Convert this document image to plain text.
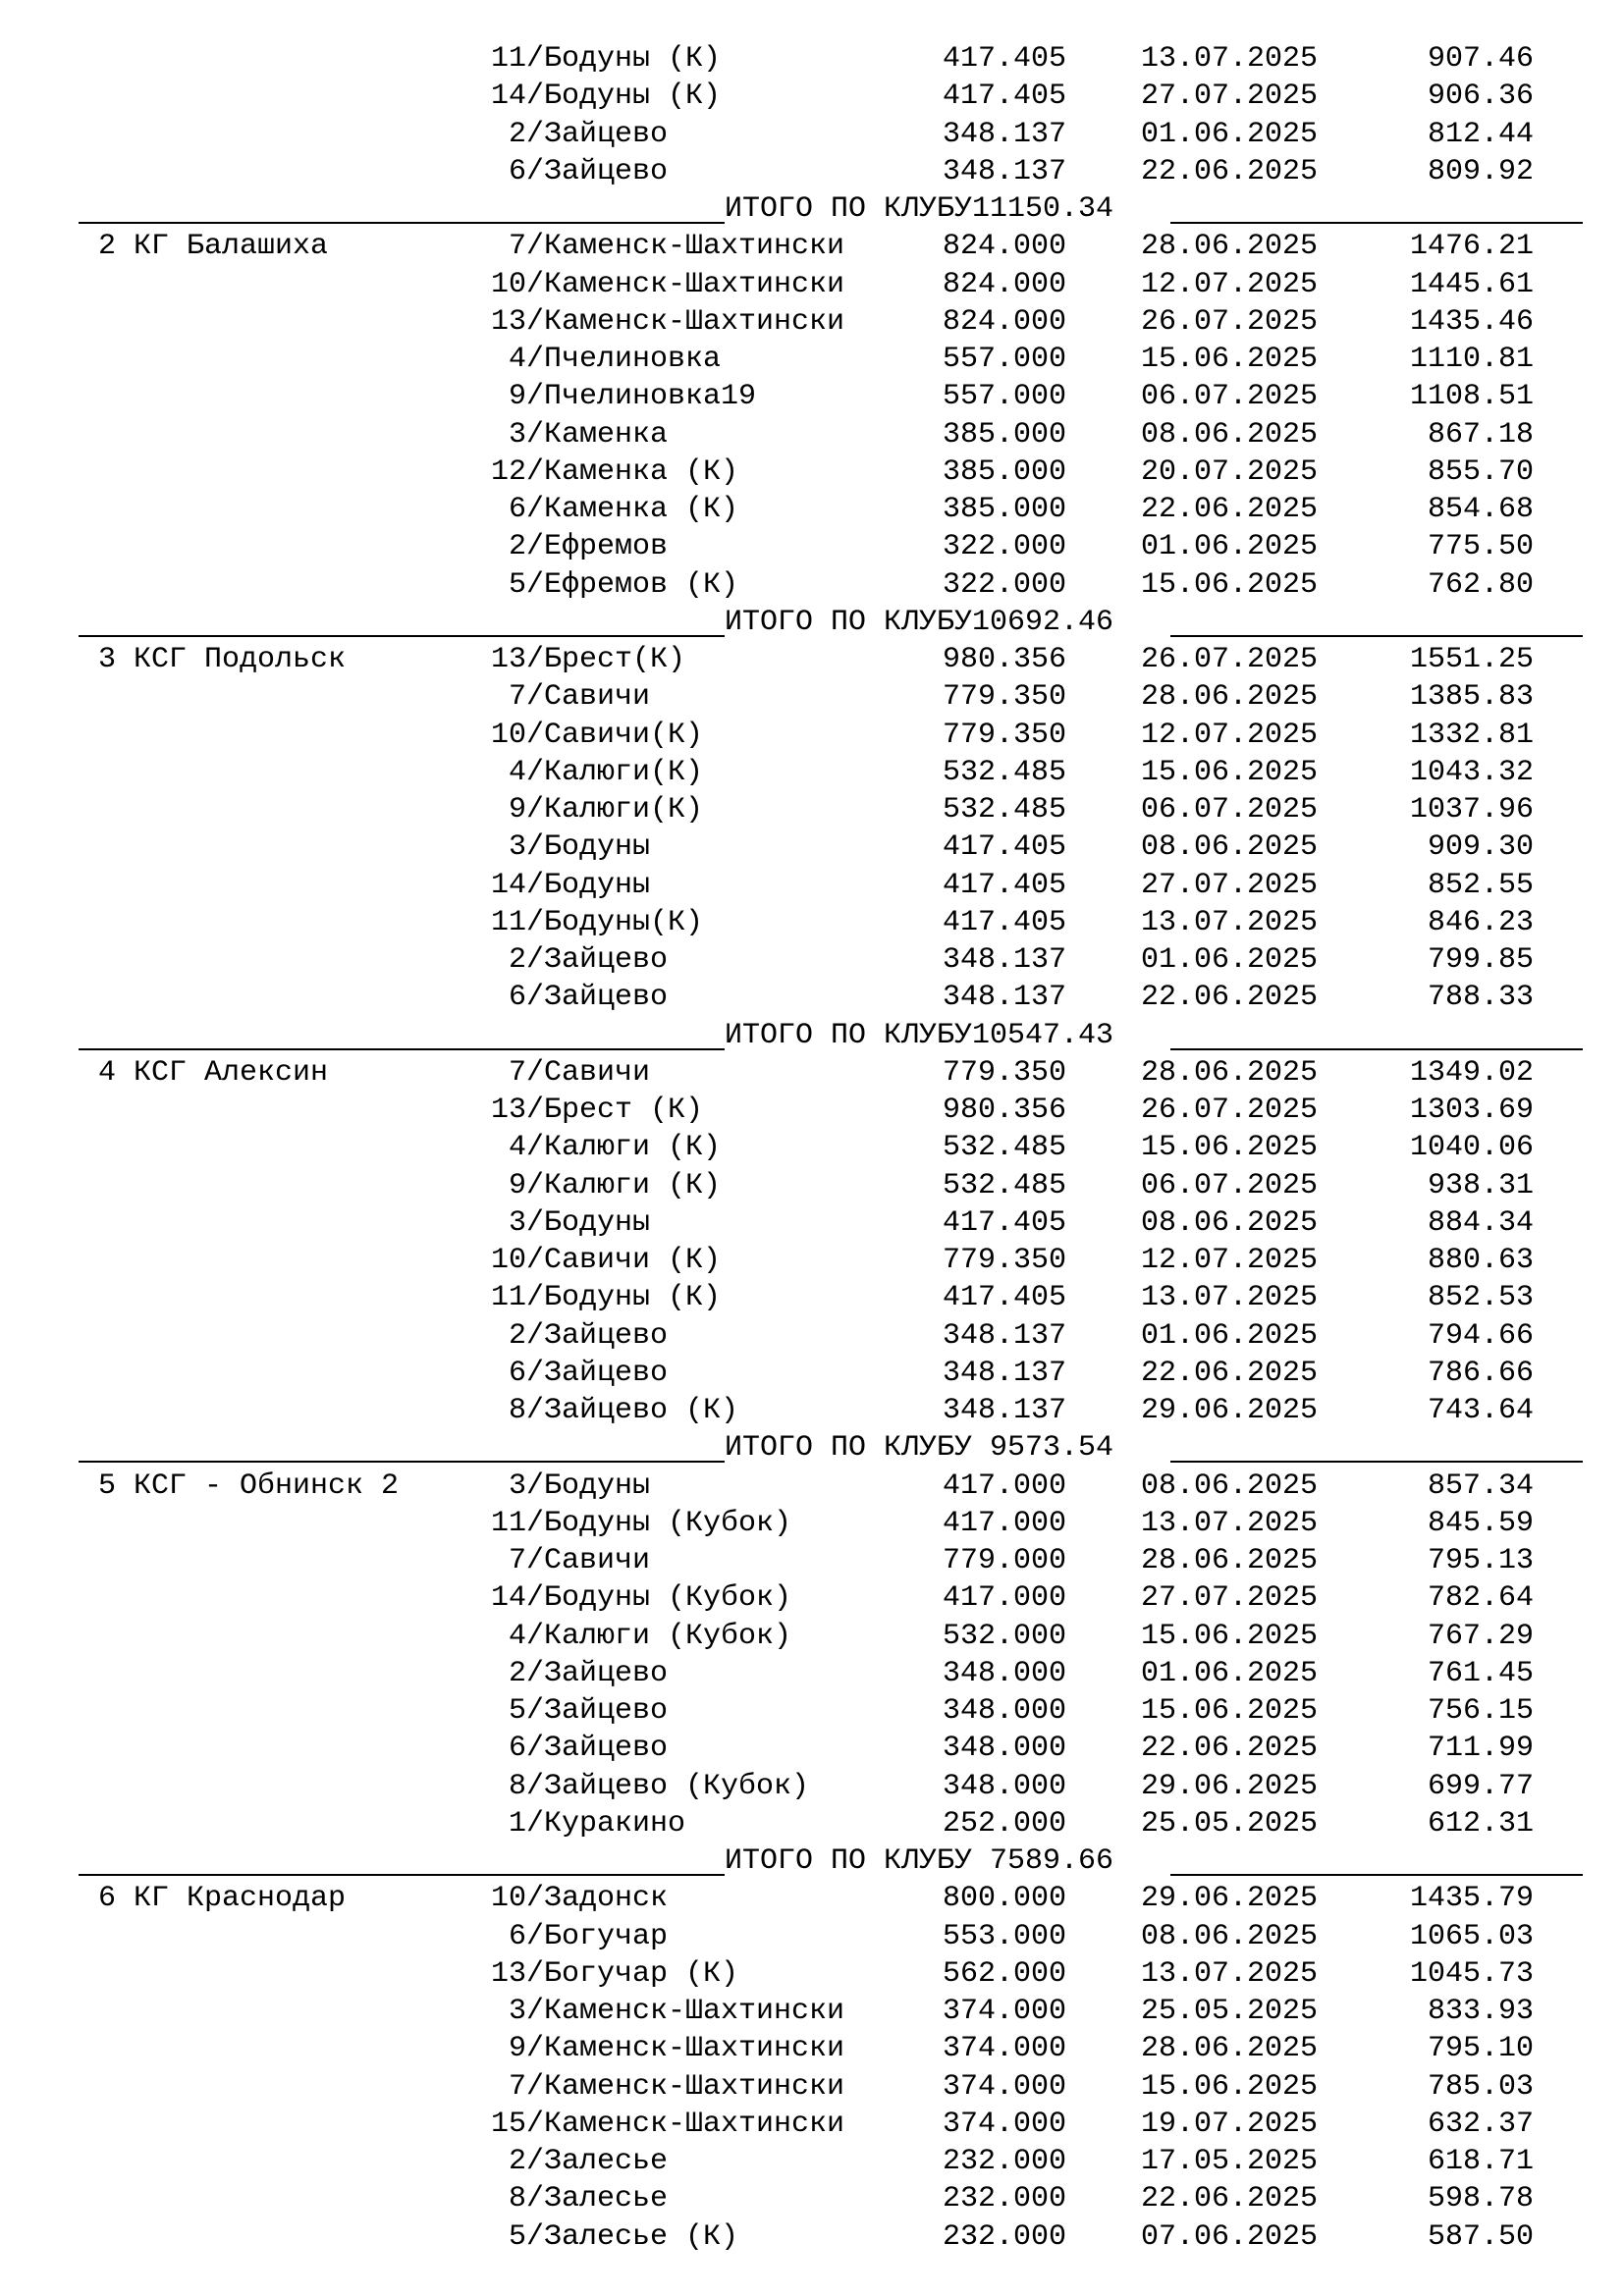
11/Бодуны (К)	417.405	13.07.2025	907.46
14/Бодуны (К)	417.405	27.07.2025	906.36
2/Зайцево	348.137	01.06.2025	812.44
6/Зайцево	348.137	22.06.2025	809.92
ИТОГО ПО КЛУБУ11150.34
2 КГ Балашиха	7/Каменск-Шахтински	824.000	28.06.2025	1476.21
10/Каменск-Шахтински	824.000	12.07.2025	1445.61
13/Каменск-Шахтински	824.000	26.07.2025	1435.46
4/Пчелиновка	557.000	15.06.2025	1110.81
9/Пчелиновка19	557.000	06.07.2025	1108.51
3/Каменка	385.000	08.06.2025	867.18
12/Каменка (К)	385.000	20.07.2025	855.70
6/Каменка (К)	385.000	22.06.2025	854.68
2/Ефремов	322.000	01.06.2025	775.50
5/Ефремов (К)	322.000	15.06.2025	762.80
ИТОГО ПО КЛУБУ10692.46
3 КСГ Подольск	13/Брест(К)	980.356	26.07.2025	1551.25
7/Савичи	779.350	28.06.2025	1385.83
10/Савичи(К)	779.350	12.07.2025	1332.81
4/Калюги(К)	532.485	15.06.2025	1043.32
9/Калюги(К)	532.485	06.07.2025	1037.96
3/Бодуны	417.405	08.06.2025	909.30
14/Бодуны	417.405	27.07.2025	852.55
11/Бодуны(К)	417.405	13.07.2025	846.23
2/Зайцево	348.137	01.06.2025	799.85
6/Зайцево	348.137	22.06.2025	788.33
ИТОГО ПО КЛУБУ10547.43
4 КСГ Алексин	7/Савичи	779.350	28.06.2025	1349.02
13/Брест (К)	980.356	26.07.2025	1303.69
4/Калюги (К)	532.485	15.06.2025	1040.06
9/Калюги (К)	532.485	06.07.2025	938.31
3/Бодуны	417.405	08.06.2025	884.34
10/Савичи (К)	779.350	12.07.2025	880.63
11/Бодуны (К)	417.405	13.07.2025	852.53
2/Зайцево	348.137	01.06.2025	794.66
6/Зайцево	348.137	22.06.2025	786.66
8/Зайцево (К)	348.137	29.06.2025	743.64
ИТОГО ПО КЛУБУ 9573.54
5 КСГ - Обнинск 2	3/Бодуны	417.000	08.06.2025	857.34
11/Бодуны (Кубок)	417.000	13.07.2025	845.59
7/Савичи	779.000	28.06.2025	795.13
14/Бодуны (Кубок)	417.000	27.07.2025	782.64
4/Калюги (Кубок)	532.000	15.06.2025	767.29
2/Зайцево	348.000	01.06.2025	761.45
5/Зайцево	348.000	15.06.2025	756.15
6/Зайцево	348.000	22.06.2025	711.99
8/Зайцево (Кубок)	348.000	29.06.2025	699.77
1/Куракино	252.000	25.05.2025	612.31
ИТОГО ПО КЛУБУ 7589.66
6 КГ Краснодар	10/Задонск	800.000	29.06.2025	1435.79
6/Богучар	553.000	08.06.2025	1065.03
13/Богучар (К)	562.000	13.07.2025	1045.73
3/Каменск-Шахтински	374.000	25.05.2025	833.93
9/Каменск-Шахтински	374.000	28.06.2025	795.10
7/Каменск-Шахтински	374.000	15.06.2025	785.03
15/Каменск-Шахтински	374.000	19.07.2025	632.37
2/Залесье	232.000	17.05.2025	618.71
8/Залесье	232.000	22.06.2025	598.78
5/Залесье (К)	232.000	07.06.2025	587.50
